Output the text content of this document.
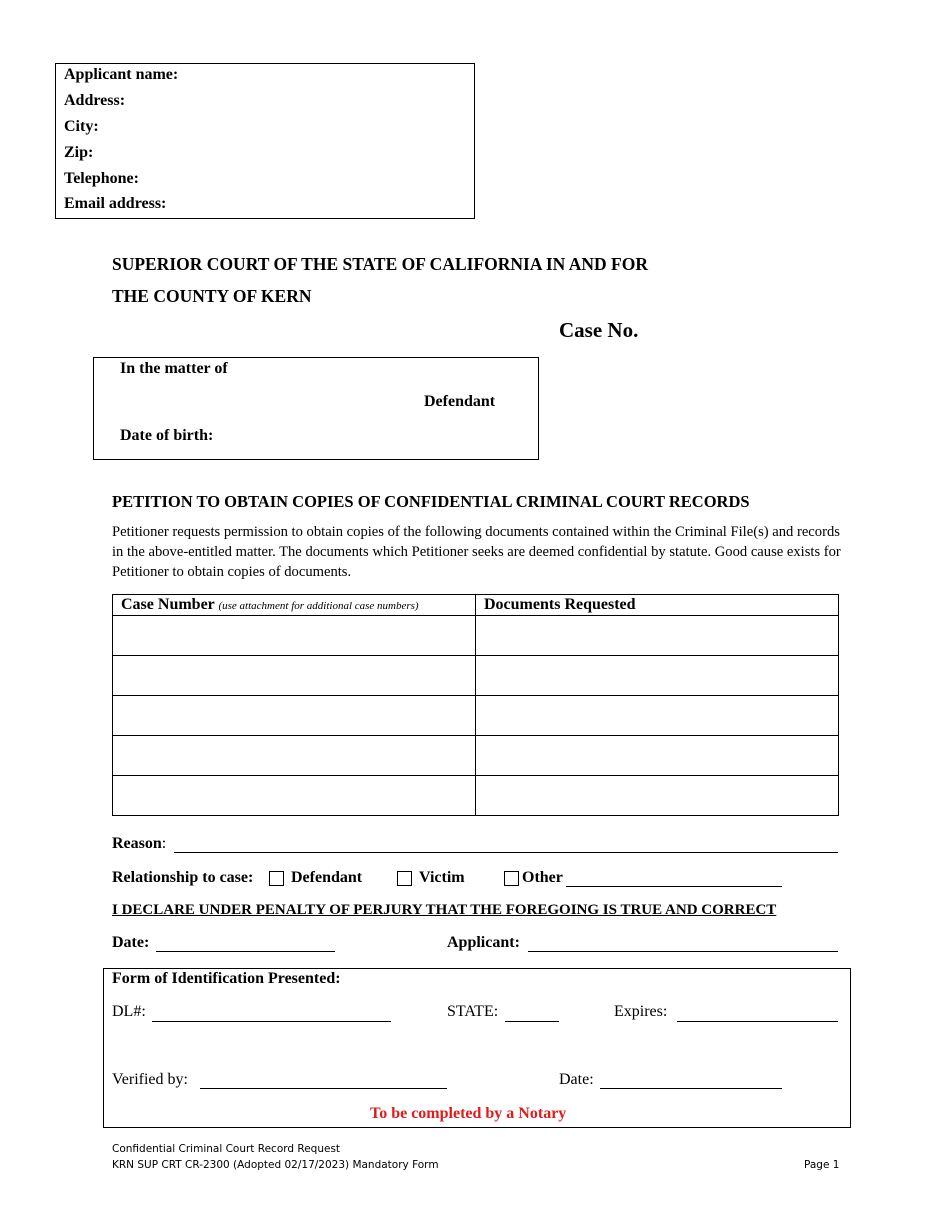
Applicant name:
Address:
City:
Zip:
Telephone:
Email address:
SUPERIOR COURT OF THE STATE OF CALIFORNIA IN AND FOR
THE COUNTY OF KERN
Case No.
In the matter of
Defendant
Date of birth:
PETITION TO OBTAIN COPIES OF CONFIDENTIAL CRIMINAL COURT RECORDS
Petitioner requests permission to obtain copies of the following documents contained within the Criminal File(s) and records in the above-entitled matter. The documents which Petitioner seeks are deemed confidential by statute. Good cause exists for Petitioner to obtain copies of documents.
Case Number (use attachment for additional case numbers)	Documents Requested

Reason:
Relationship to case: Defendant	Victim	Other
I DECLARE UNDER PENALTY OF PERJURY THAT THE FOREGOING IS TRUE AND CORRECT
Date:	Applicant:
Form of Identification Presented:
DL#:	STATE:	Expires:
Verified by:	Date:
To be completed by a Notary
Confidential Criminal Court Record Request
KRN SUP CRT CR-2300 (Adopted 02/17/2023) Mandatory Form	Page 1
